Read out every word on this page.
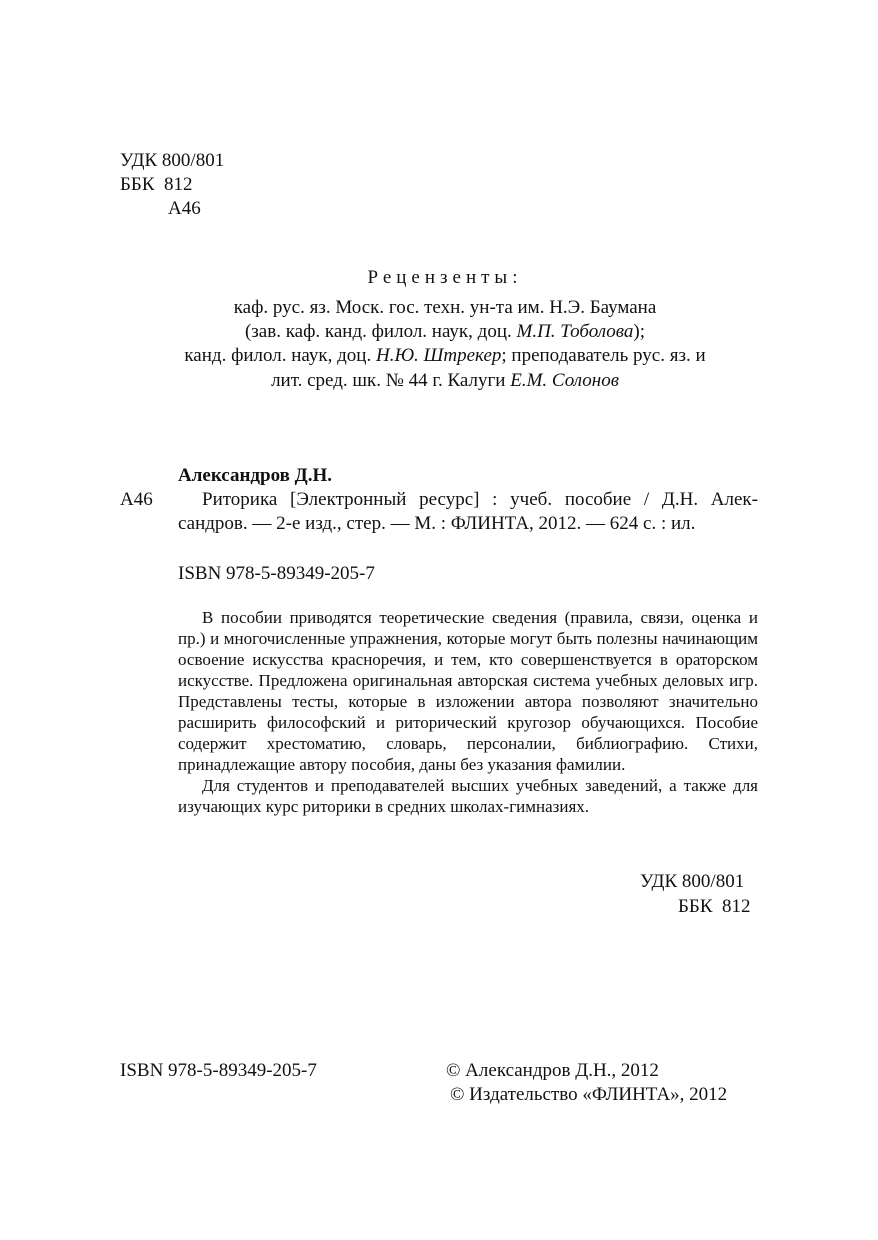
УДК 800/801
ББК  812
А46
Рецензенты:
каф. рус. яз. Моск. гос. техн. ун-та им. Н.Э. Баумана
(зав. каф. канд. филол. наук, доц. М.П. Тоболова);
канд. филол. наук, доц. Н.Ю. Штрекер; преподаватель рус. яз. и
лит. сред. шк. № 44 г. Калуги Е.М. Солонов
Александров Д.Н.
А46	Риторика [Электронный ресурс] : учеб. пособие / Д.Н. Алек-
сандров. — 2-е изд., стер. — М. : ФЛИНТА, 2012. — 624 с. : ил.
ISBN 978-5-89349-205-7

В пособии приводятся теоретические сведения (правила, связи, оценка и пр.) и многочисленные упражнения, которые могут быть полезны начинающим освоение искусства красноречия, и тем, кто совершенствуется в ораторском искусстве. Предложена оригинальная авторская система учебных деловых игр. Представлены тесты, которые в изложении автора позволяют значительно расширить философский и риторический кругозор обучающихся. Пособие содержит хрестоматию, словарь, персоналии, библиографию. Стихи, принадлежащие автору пособия, даны без указания фамилии.

Для студентов и преподавателей высших учебных заведений, а также для изучающих курс риторики в средних школах-гимназиях.

УДК 800/801
ББК  812
ISBN 978-5-89349-205-7	© Александров Д.Н., 2012
© Издательство «ФЛИНТА», 2012
